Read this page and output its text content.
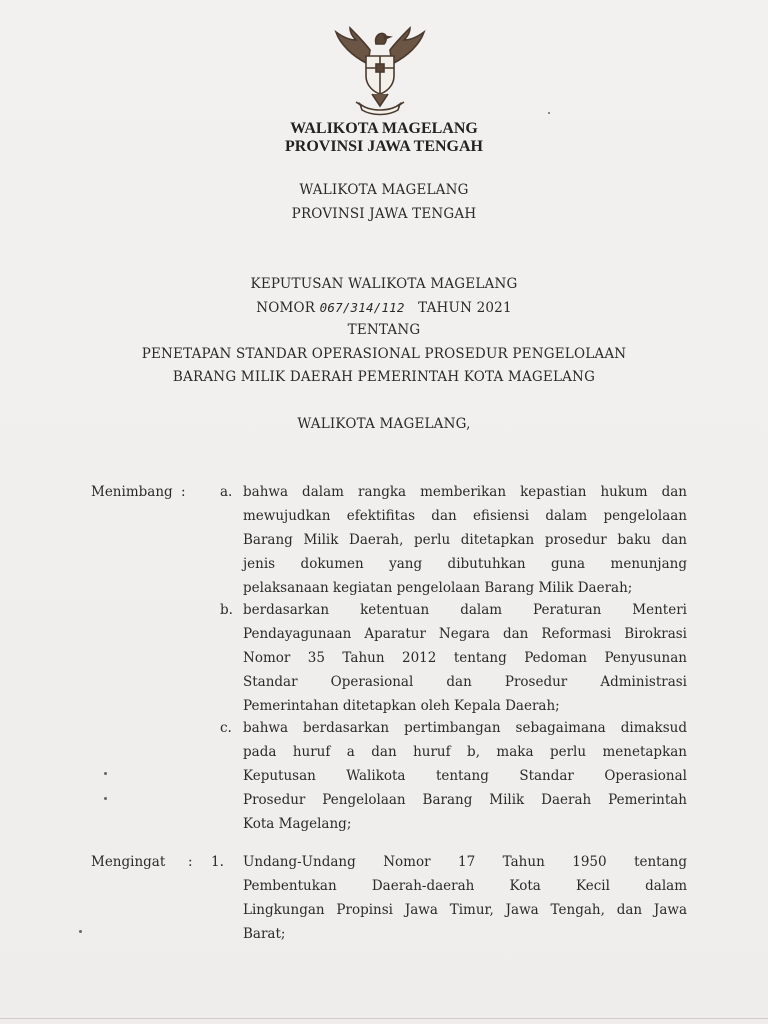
WALIKOTA MAGELANG
PROVINSI JAWA TENGAH
WALIKOTA MAGELANG
PROVINSI JAWA TENGAH
KEPUTUSAN WALIKOTA MAGELANG
NOMOR 067/314/112 TAHUN 2021
TENTANG
PENETAPAN STANDAR OPERASIONAL PROSEDUR PENGELOLAAN
BARANG MILIK DAERAH PEMERINTAH KOTA MAGELANG
WALIKOTA MAGELANG,
Menimbang :	a. bahwa dalam rangka memberikan kepastian hukum dan
mewujudkan efektifitas dan efisiensi dalam pengelolaan
Barang Milik Daerah, perlu ditetapkan prosedur baku dan
jenis dokumen yang dibutuhkan guna menunjang
pelaksanaan kegiatan pengelolaan Barang Milik Daerah;
b. berdasarkan ketentuan dalam Peraturan Menteri
Pendayagunaan Aparatur Negara dan Reformasi Birokrasi
Nomor 35 Tahun 2012 tentang Pedoman Penyusunan
Standar Operasional dan Prosedur Administrasi
Pemerintahan ditetapkan oleh Kepala Daerah;
c. bahwa berdasarkan pertimbangan sebagaimana dimaksud
pada huruf a dan huruf b, maka perlu menetapkan
Keputusan Walikota tentang Standar Operasional
Prosedur Pengelolaan Barang Milik Daerah Pemerintah
Kota Magelang;
Mengingat : 1. Undang-Undang Nomor 17 Tahun 1950 tentang
Pembentukan Daerah-daerah Kota Kecil dalam
Lingkungan Propinsi Jawa Timur, Jawa Tengah, dan Jawa
Barat;
